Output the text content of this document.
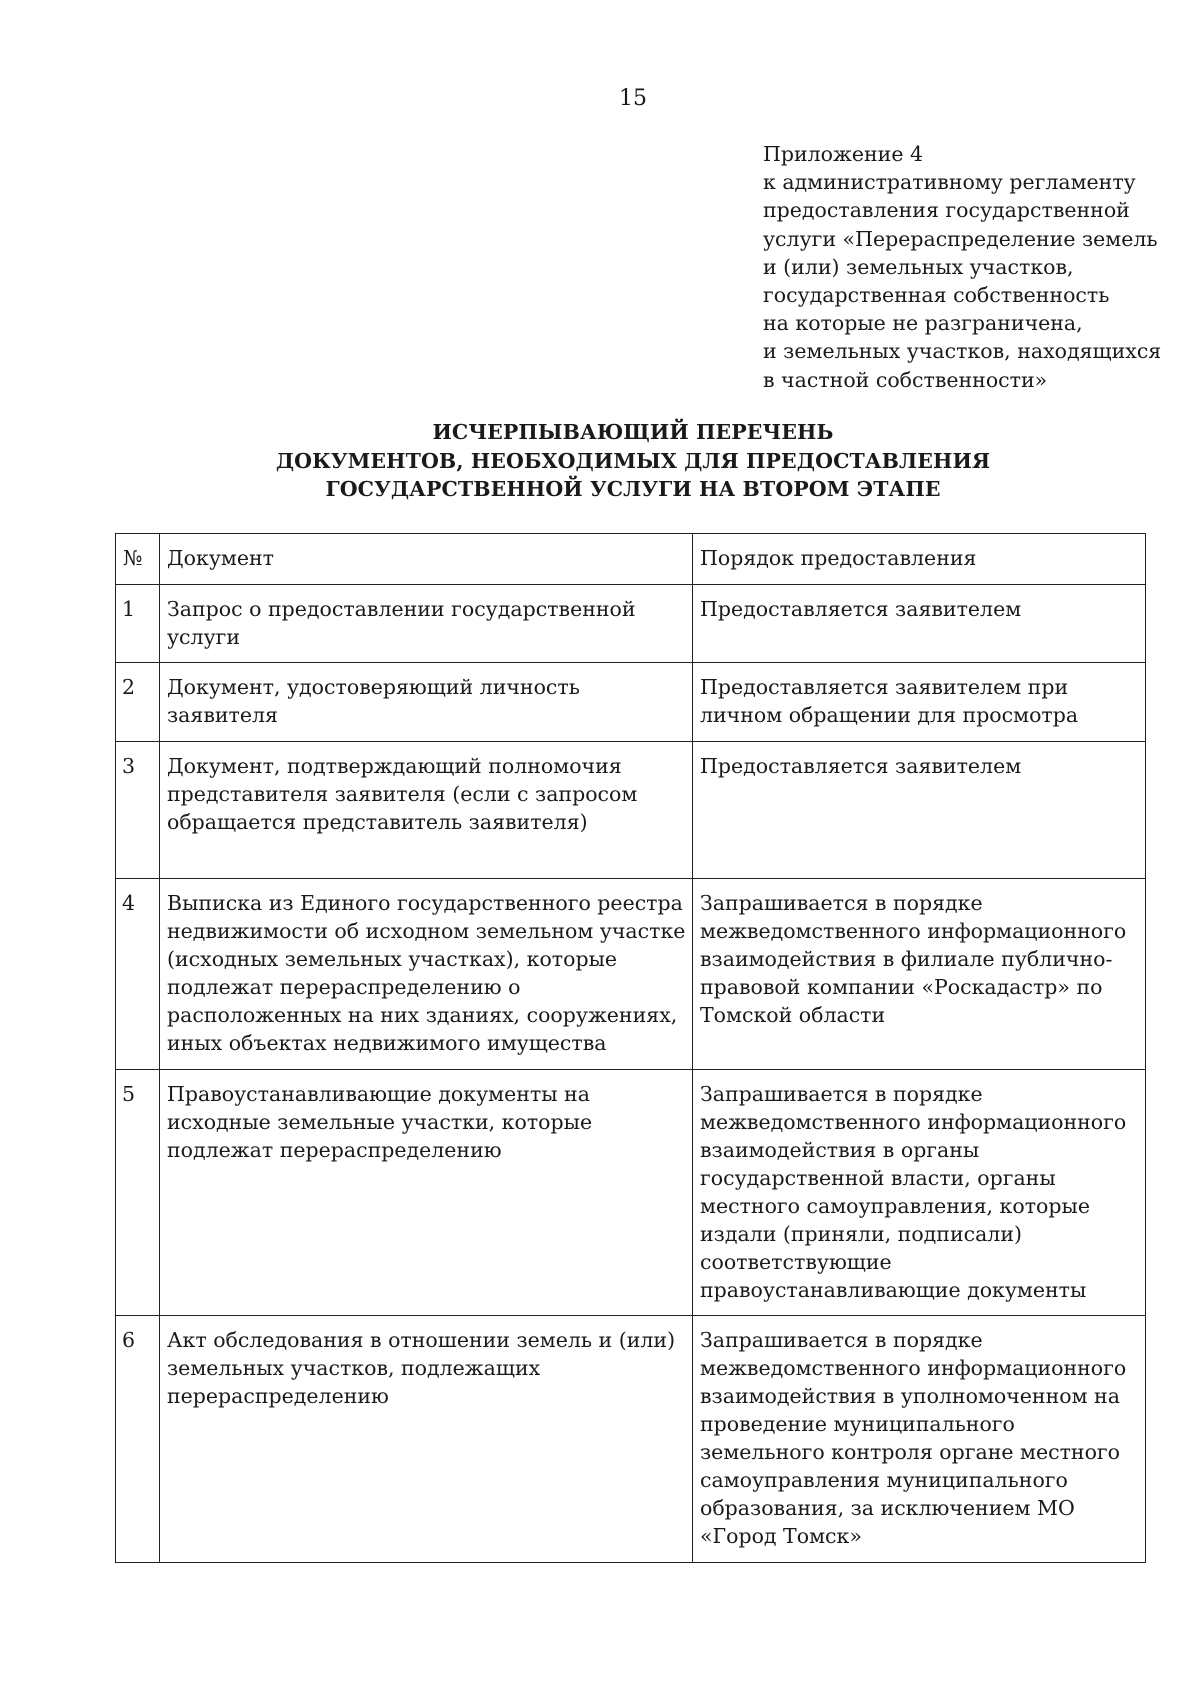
15
Приложение 4
к административному регламенту
предоставления государственной
услуги «Перераспределение земель
и (или) земельных участков,
государственная собственность
на которые не разграничена,
и земельных участков, находящихся
в частной собственности»
ИСЧЕРПЫВАЮЩИЙ ПЕРЕЧЕНЬ
ДОКУМЕНТОВ, НЕОБХОДИМЫХ ДЛЯ ПРЕДОСТАВЛЕНИЯ
ГОСУДАРСТВЕННОЙ УСЛУГИ НА ВТОРОМ ЭТАПЕ
№	Документ	Порядок предоставления
1	Запрос о предоставлении государственной услуги	Предоставляется заявителем
2	Документ, удостоверяющий личность заявителя	Предоставляется заявителем при личном обращении для просмотра
3	Документ, подтверждающий полномочия представителя заявителя (если с запросом обращается представитель заявителя)	Предоставляется заявителем
4	Выписка из Единого государственного реестра недвижимости об исходном земельном участке (исходных земельных участках), которые подлежат перераспределению о расположенных на них зданиях, сооружениях, иных объектах недвижимого имущества	Запрашивается в порядке межведомственного информационного взаимодействия в филиале публично-правовой компании «Роскадастр» по Томской области
5	Правоустанавливающие документы на исходные земельные участки, которые подлежат перераспределению	Запрашивается в порядке межведомственного информационного взаимодействия в органы государственной власти, органы местного самоуправления, которые издали (приняли, подписали) соответствующие правоустанавливающие документы
6	Акт обследования в отношении земель и (или) земельных участков, подлежащих перераспределению	Запрашивается в порядке межведомственного информационного взаимодействия в уполномоченном на проведение муниципального земельного контроля органе местного самоуправления муниципального образования, за исключением МО «Город Томск»
